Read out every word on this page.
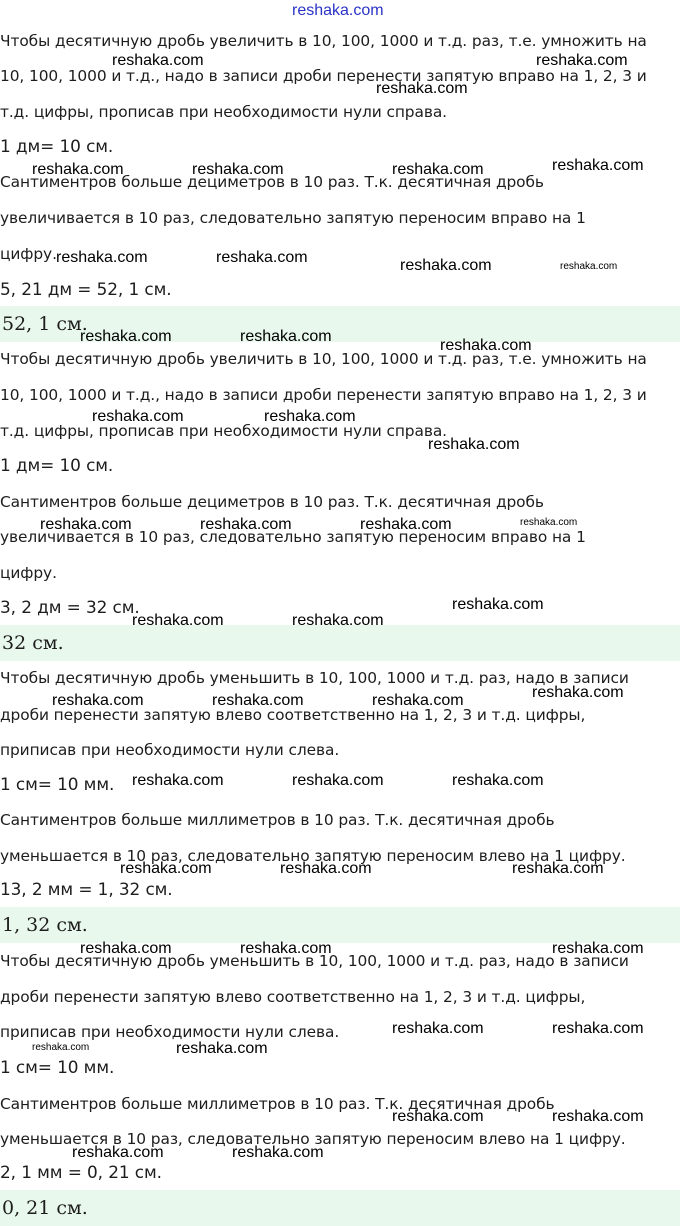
reshaka.com
Чтобы десятичную дробь увеличить в 10, 100, 1000 и т.д. раз, т.е. умножить на
10, 100, 1000 и т.д., надо в записи дроби перенести запятую вправо на 1, 2, 3 и
т.д. цифры, прописав при необходимости нули справа.
1 дм= 10 см.
Сантиментров больше дециметров в 10 раз. Т.к. десятичная дробь
увеличивается в 10 раз, следовательно запятую переносим вправо на 1
цифру.
5, 21 дм = 52, 1 см.
52, 1 см.
Чтобы десятичную дробь увеличить в 10, 100, 1000 и т.д. раз, т.е. умножить на
10, 100, 1000 и т.д., надо в записи дроби перенести запятую вправо на 1, 2, 3 и
т.д. цифры, прописав при необходимости нули справа.
1 дм= 10 см.
Сантиментров больше дециметров в 10 раз. Т.к. десятичная дробь
увеличивается в 10 раз, следовательно запятую переносим вправо на 1
цифру.
3, 2 дм = 32 см.
32 см.
Чтобы десятичную дробь уменьшить в 10, 100, 1000 и т.д. раз, надо в записи
дроби перенести запятую влево соответственно на 1, 2, 3 и т.д. цифры,
приписав при необходимости нули слева.
1 см= 10 мм.
Сантиментров больше миллиметров в 10 раз. Т.к. десятичная дробь
уменьшается в 10 раз, следовательно запятую переносим влево на 1 цифру.
13, 2 мм = 1, 32 см.
1, 32 см.
Чтобы десятичную дробь уменьшить в 10, 100, 1000 и т.д. раз, надо в записи
дроби перенести запятую влево соответственно на 1, 2, 3 и т.д. цифры,
приписав при необходимости нули слева.
1 см= 10 мм.
Сантиментров больше миллиметров в 10 раз. Т.к. десятичная дробь
уменьшается в 10 раз, следовательно запятую переносим влево на 1 цифру.
2, 1 мм = 0, 21 см.
0, 21 см.
reshaka.com	reshaka.com
reshaka.com
reshaka.com	reshaka.com	reshaka.com	reshaka.com
reshaka.com	reshaka.com	reshaka.com	reshaka.com
reshaka.com	reshaka.com
reshaka.com
reshaka.com	reshaka.com
reshaka.com
reshaka.com	reshaka.com	reshaka.com	reshaka.com
reshaka.com
reshaka.com	reshaka.com
reshaka.com	reshaka.com	reshaka.com	reshaka.com
reshaka.com	reshaka.com	reshaka.com
reshaka.com	reshaka.com	reshaka.com
reshaka.com	reshaka.com	reshaka.com
reshaka.com	reshaka.com
reshaka.com	reshaka.com
reshaka.com	reshaka.com
reshaka.com	reshaka.com
